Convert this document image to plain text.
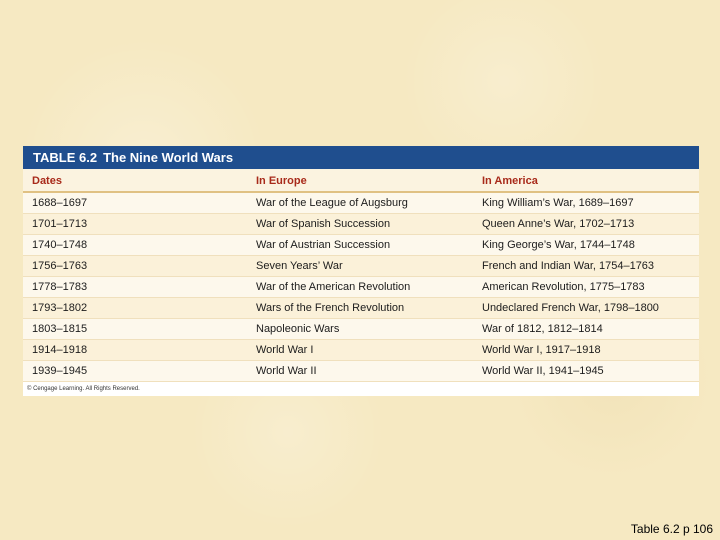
TABLE 6.2 The Nine World Wars
Dates	In Europe	In America
1688–1697	War of the League of Augsburg	King William’s War, 1689–1697
1701–1713	War of Spanish Succession	Queen Anne’s War, 1702–1713
1740–1748	War of Austrian Succession	King George’s War, 1744–1748
1756–1763	Seven Years’ War	French and Indian War, 1754–1763
1778–1783	War of the American Revolution	American Revolution, 1775–1783
1793–1802	Wars of the French Revolution	Undeclared French War, 1798–1800
1803–1815	Napoleonic Wars	War of 1812, 1812–1814
1914–1918	World War I	World War I, 1917–1918
1939–1945	World War II	World War II, 1941–1945
© Cengage Learning. All Rights Reserved.
Table 6.2 p 106
